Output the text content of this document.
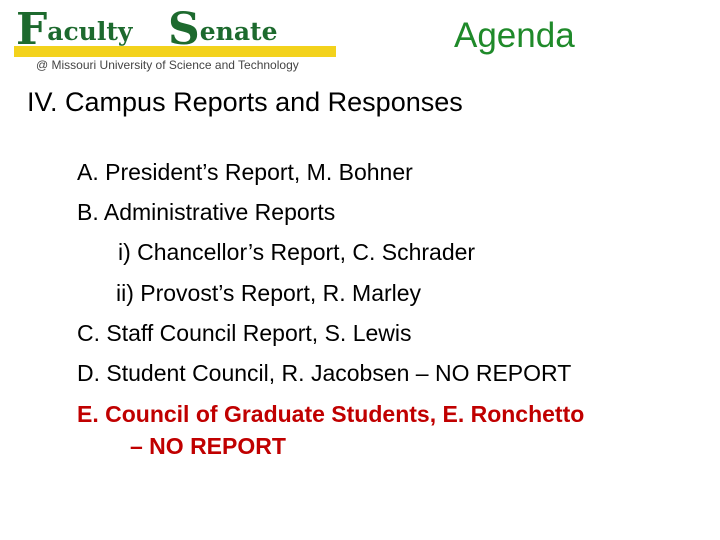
Faculty Senate
@ Missouri University of Science and Technology
Agenda
IV. Campus Reports and Responses
A. President’s Report, M. Bohner
B. Administrative Reports
i) Chancellor’s Report, C. Schrader
ii) Provost’s Report, R. Marley
C. Staff Council Report, S. Lewis
D. Student Council, R. Jacobsen – NO REPORT
E. Council of Graduate Students, E. Ronchetto
– NO REPORT
